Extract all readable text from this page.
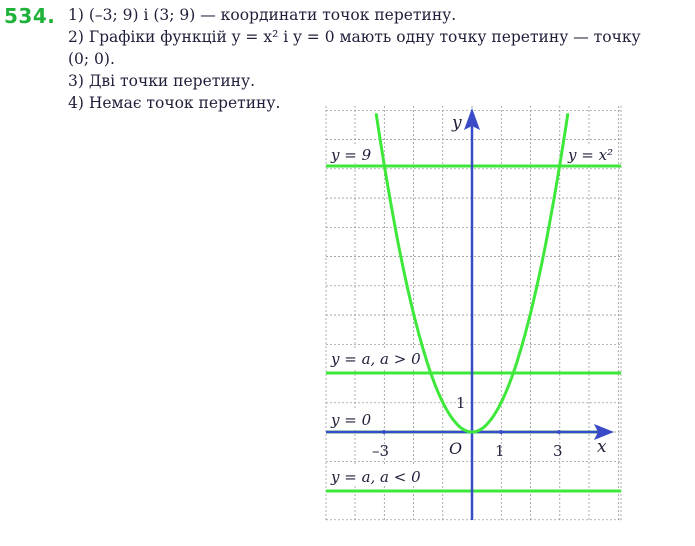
534. 1) (–3; 9) і (3; 9) — координати точок перетину.
2) Графіки функцій y = x² і y = 0 мають одну точку перетину — точку
(0; 0).
3) Дві точки перетину.
4) Немає точок перетину.
y = 9	y = x²
y = a, a > 0
y = 0
y = a, a < 0
y
x
O
–3	1	3
1
